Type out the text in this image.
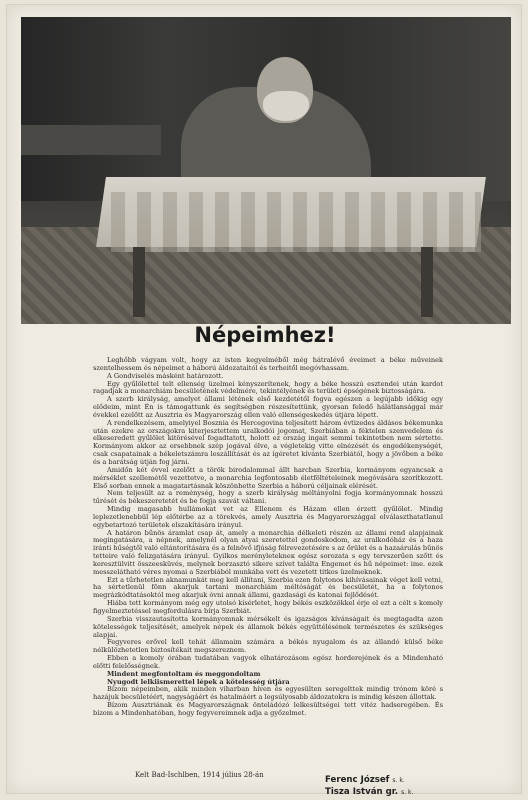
Népeimhez!

Leghőbb vágyam volt, hogy az isten kegyelméből még hátralévő éveimet a béke műveinek szentelhessem és népeimet a háború áldozataitól és terheitől megóvhassam.

A Gondviselés másként határozott.

Egy gyűlölettel telt ellenség üzelmei kényszerítenek, hogy a béke hosszú esztendei után kardot ragadjak a monarchiám becsületének védelmére, tekintélyének és területi épségének biztosságára.

A szerb királyság, amelyet állami létének első kezdetétől fogva egészen a legújabb időkig egy elődeim, mint Én is támogattunk és segítségben részesítettünk, gyorsan feledő hálátlansággal már évekkel ezelőtt az Ausztria és Magyarország ellen való ellenségeskedés útjára lépett.

A rendelkezésem, amelyiyel Bosznia és Hercegovina teljesített három évtizedes áldásos békemunka után ezekre az országokra kiterjesztettem uralkodói jogomat, Szerbiában a féktelen szenvedelem és elkeseredett gyűlölet kitörésével fogadtatott, holott ez ország ingait semmi tekintetben nem sértette. Kormányom akkor az ersebbnek szép jogával élve, a végletekig vitte elnézését és engedékenységét, csak csapatainak a hékeletszámra leszállítását és az ígéretet kívánta Szerbiától, hogy a jövőben a béke és a barátság útján fog járni.

Amidőn két évvel ezelőtt a török birodalommal állt harcban Szerbia, kormányom egyancsak a mérséklet szellemétől vezettetve, a monarchia legfontosabb életföltételeinek megóvására szorítkozott. Első sorban ennek a magatartásnak köszönhette Szerbia a háború céljainak elérését.

Nem teljesült az a reménység, hogy a szerb királyság méltányolni fogja kormányomnak hosszú tűrését és békeszeretetét és be fogja szavát váltani.

Mindig magasabb hullámokat vet az Ellenem és Házam ellen érzett gyűlölet. Mindig leplezetlenebbül lép előtérbe az a törekvés, amely Ausztria és Magyarországgal elválaszthatatlanul egybetartozó területek elszakítására irányul.

A határon bűnös áramlat csap át, amely a monarchia délkeleti részén az állami rend alapjainak megingatására, a népnek, amelynél olyan atyai szeretettel gondoskodom, az uralkodóház és a haza iránti hűségtől való eltántorítására és a felnövő ifjúság félrevezetésére s az őrület és a hazaárulás bűnös tetteire való felizgatására irányul. Gyilkos merényletekneк egész sorozata s egy tervszerűen szőtt és keresztülvitt összeesküvés, melynek borzasztó sikere szívet találta Engemet és hű népeimet: ime. ezek messzelátható véres nyomai a Szerbiából munkába vett és vezetett titkos üzelmeknek.

Ezt a tűrhetetlen aknamunkát meg kell állítani, Szerbia ezen folytonos kihívásainak véget kell vetni, ha sértetlenül fönn akarjuk tartani monarchiám méltóságát és becsületét, ha a folytonos megrázkódtatásoktól meg akarjuk óvni annak állami, gazdasági és katonai fejlődését.

Hiába tett kormányom még egy utolsó kísérletet, hogy békés eszközökkel érje el ezt a célt s komoly figyelmeztetéssel megfordulásra bírja Szerbiát.

Szerbia visszautasította kormányomnak mérsékelt és igazságos kívánságait és megtagadta azon kötelességek teljesítését, amelyek népek és államok békés együttélésének természetes és szükséges alapjai.

Fegyveres erővel kell tehát államaim számára a békés nyugalom és az állandó külső béke nélkülözhetetlen biztosítékait megszereznem.

Ebben a komoly órában tudatában vagyok elhatározásom egész horderejének és a Mindenható előtti felelősségnek.

Mindent megfontoltam és meggondoltam

Nyugodt lelkiismerettel lépek a kötelesség útjára

Bízom népeimben, akik minden viharban híven és egyesülten seregelttek mindig trónom köré s hazájuk becsületéért, nagyságáért és hatalmáért a legsúlyosabb áldozatokra is mindig készen állottak.

Bízom Ausztriának és Magyarországnak önteládózó lelkesültségei tett vitéz hadseregében. És bízom a Mindenhatóban, hogy fegyvereimnek adja a győzelmet.

Kelt Bad-Ischlben, 1914 július 28-án	Ferenc József s. k.
Tisza István gr. s. k.
